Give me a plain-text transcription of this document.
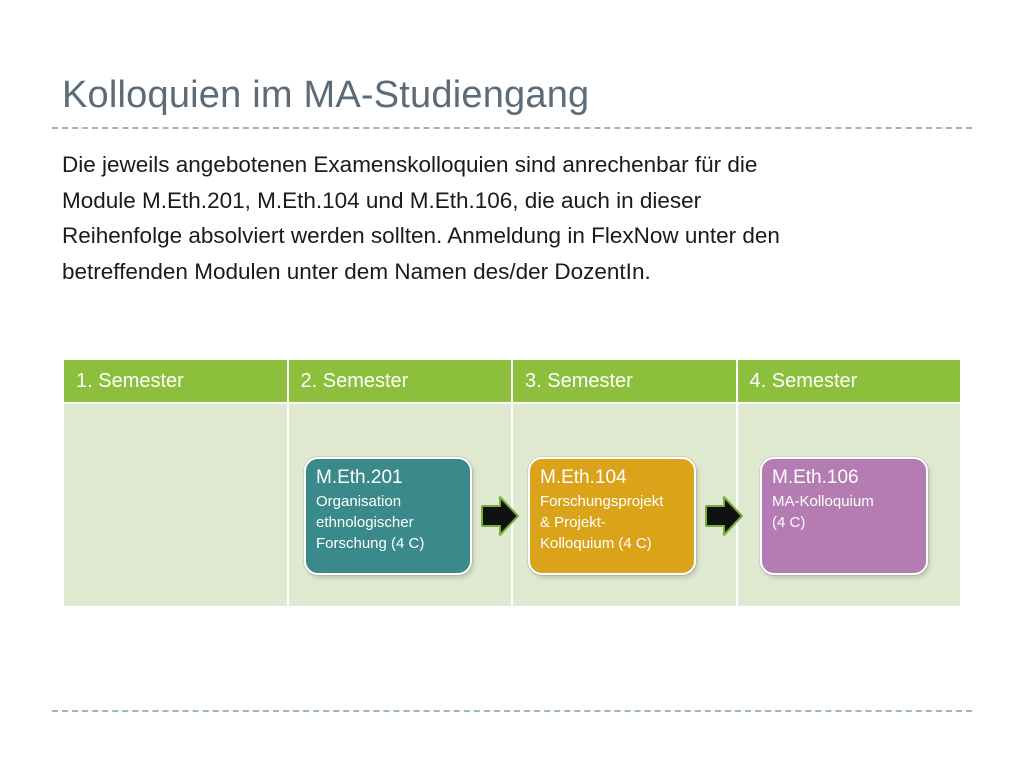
Kolloquien im MA-Studiengang

Die jeweils angebotenen Examenskolloquien sind anrechenbar für die
Module M.Eth.201, M.Eth.104 und M.Eth.106, die auch in dieser
Reihenfolge absolviert werden sollten. Anmeldung in FlexNow unter den
betreffenden Modulen unter dem Namen des/der DozentIn.

1. Semester	2. Semester	3. Semester	4. Semester
M.Eth.201
Organisation
ethnologischer
Forschung (4 C)
M.Eth.104
Forschungsprojekt
& Projekt-
Kolloquium (4 C)
M.Eth.106
MA-Kolloquium
(4 C)
